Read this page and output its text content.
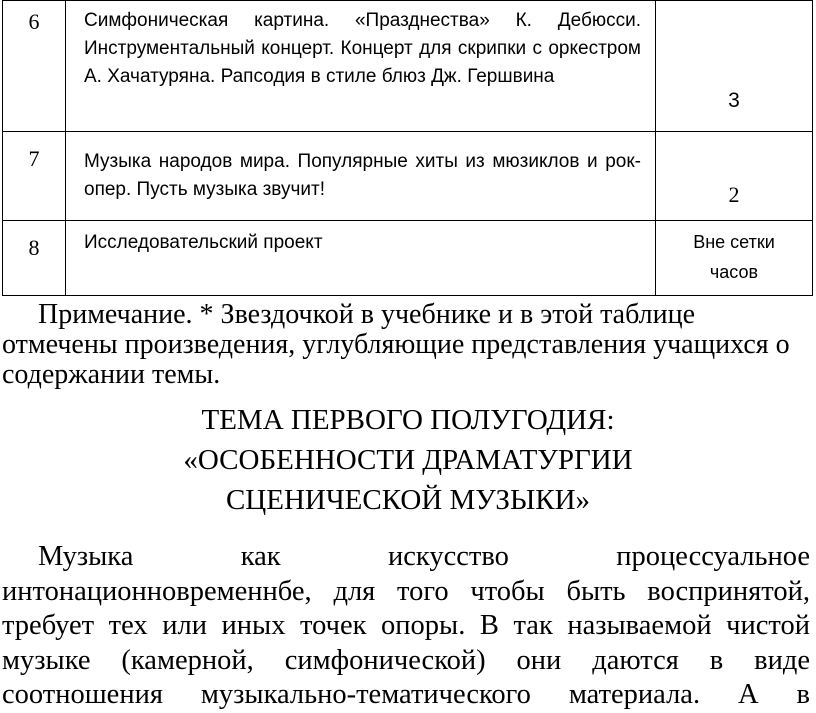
6	Симфоническая картина. «Празднества» К. Дебюсси. Инструментальный концерт. Концерт для скрипки с оркестром А. Хачатуряна. Рапсодия в стиле блюз Дж. Гершвина	3

7	Музыка народов мира. Популярные хиты из мюзиклов и рок-опер. Пусть музыка звучит!	2

8	Исследовательский проект	Вне сетки
часов

Примечание. * Звездочкой в учебнике и в этой таблице отмечены произведения, углубляющие представления учащихся о содержании темы.

ТЕМА ПЕРВОГО ПОЛУГОДИЯ:
«ОСОБЕННОСТИ ДРАМАТУРГИИ
СЦЕНИЧЕСКОЙ МУЗЫКИ»

Музыка как искусство процессуальное интонационновременнбе, для того чтобы быть воспринятой, требует тех или иных точек опоры. В так называемой чистой музыке (камерной, симфонической) они даются в виде соотношения музыкально-тематического материала. А в
